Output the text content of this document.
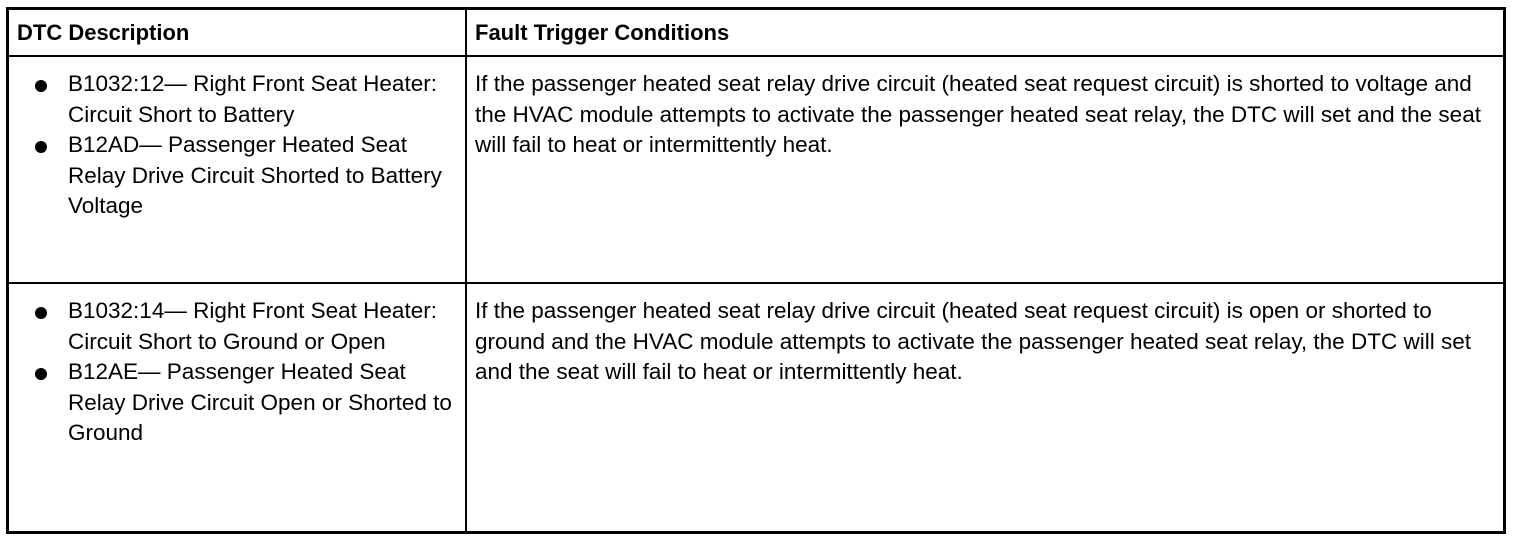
DTC Description	Fault Trigger Conditions
B1032:12— Right Front Seat Heater: Circuit Short to Battery
B12AD— Passenger Heated Seat Relay Drive Circuit Shorted to Battery Voltage

If the passenger heated seat relay drive circuit (heated seat request circuit) is shorted to voltage and the HVAC module attempts to activate the passenger heated seat relay, the DTC will set and the seat will fail to heat or intermittently heat.

B1032:14— Right Front Seat Heater: Circuit Short to Ground or Open
B12AE— Passenger Heated Seat Relay Drive Circuit Open or Shorted to Ground

If the passenger heated seat relay drive circuit (heated seat request circuit) is open or shorted to ground and the HVAC module attempts to activate the passenger heated seat relay, the DTC will set and the seat will fail to heat or intermittently heat.
